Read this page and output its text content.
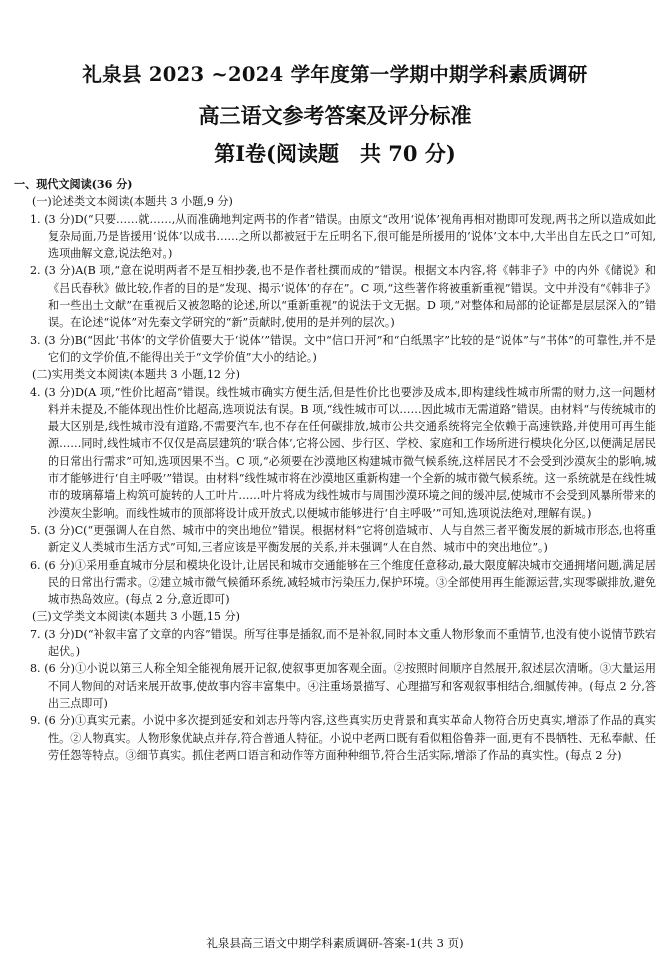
礼泉县 2023 ~2024 学年度第一学期中期学科素质调研
高三语文参考答案及评分标准
第Ⅰ卷(阅读题　共 70 分)
一、现代文阅读(36 分)
(一)论述类文本阅读(本题共 3 小题,9 分)
1. (3 分)D(“只要……就……,从而准确地判定两书的作者”错误。由原文“改用‘说体’视角再相对勘即可发现,两书之所以造成如此复杂局面,乃是皆援用‘说体’以成书……之所以都被冠于左丘明名下,很可能是所援用的‘说体’文本中,大半出自左氏之口”可知,选项曲解文意,说法绝对。)
2. (3 分)A(B 项,“意在说明两者不是互相抄袭,也不是作者杜撰而成的”错误。根据文本内容,将《韩非子》中的内外《储说》和《吕氏春秋》做比较,作者的目的是“发现、揭示‘说体’的存在”。C 项,“这些著作将被重新重视”错误。文中并没有“《韩非子》和一些出土文献”在重视后又被忽略的论述,所以“重新重视”的说法于文无据。D 项,“对整体和局部的论证都是层层深入的”错误。在论述“说体”对先秦文学研究的“新”贡献时,使用的是并列的层次。)
3. (3 分)B(“因此‘书体’的文学价值要大于‘说体’”错误。文中“信口开河”和“白纸黑字”比较的是“说体”与“书体”的可靠性,并不是它们的文学价值,不能得出关于“文学价值”大小的结论。)
(二)实用类文本阅读(本题共 3 小题,12 分)
4. (3 分)D(A 项,“性价比超高”错误。线性城市确实方便生活,但是性价比也要涉及成本,即构建线性城市所需的财力,这一问题材料并未提及,不能体现出性价比超高,选项说法有误。B 项,“线性城市可以……因此城市无需道路”错误。由材料“与传统城市的最大区别是,线性城市没有道路,不需要汽车,也不存在任何碳排放,城市公共交通系统将完全依赖于高速铁路,并使用可再生能源……同时,线性城市不仅仅是高层建筑的‘联合体’,它将公园、步行区、学校、家庭和工作场所进行模块化分区,以便满足居民的日常出行需求”可知,选项因果不当。C 项,“必须要在沙漠地区构建城市微气候系统,这样居民才不会受到沙漠灰尘的影响,城市才能够进行‘自主呼吸’”错误。由材料“线性城市将在沙漠地区重新构建一个全新的城市微气候系统。这一系统就是在线性城市的玻璃幕墙上构筑可旋转的人工叶片……叶片将成为线性城市与周围沙漠环境之间的缓冲层,使城市不会受到风暴所带来的沙漠灰尘影响。而线性城市的顶部将设计成开放式,以便城市能够进行‘自主呼吸’”可知,选项说法绝对,理解有误。)
5. (3 分)C(“更强调人在自然、城市中的突出地位”错误。根据材料“它将创造城市、人与自然三者平衡发展的新城市形态,也将重新定义人类城市生活方式”可知,三者应该是平衡发展的关系,并未强调“人在自然、城市中的突出地位”。)
6. (6 分)①采用垂直城市分层和模块化设计,让居民和城市交通能够在三个维度任意移动,最大限度解决城市交通拥堵问题,满足居民的日常出行需求。②建立城市微气候循环系统,减轻城市污染压力,保护环境。③全部使用再生能源运营,实现零碳排放,避免城市热岛效应。(每点 2 分,意近即可)
(三)文学类文本阅读(本题共 3 小题,15 分)
7. (3 分)D(“补叙丰富了文章的内容”错误。所写往事是插叙,而不是补叙,同时本文重人物形象而不重情节,也没有使小说情节跌宕起伏。)
8. (6 分)①小说以第三人称全知全能视角展开记叙,使叙事更加客观全面。②按照时间顺序自然展开,叙述层次清晰。③大量运用不同人物间的对话来展开故事,使故事内容丰富集中。④注重场景描写、心理描写和客观叙事相结合,细腻传神。(每点 2 分,答出三点即可)
9. (6 分)①真实元素。小说中多次提到延安和刘志丹等内容,这些真实历史背景和真实革命人物符合历史真实,增添了作品的真实性。②人物真实。人物形象优缺点并存,符合普通人特征。小说中老两口既有看似粗俗鲁莽一面,更有不畏牺牲、无私奉献、任劳任怨等特点。③细节真实。抓住老两口语言和动作等方面种种细节,符合生活实际,增添了作品的真实性。(每点 2 分)
礼泉县高三语文中期学科素质调研-答案-1(共 3 页)
